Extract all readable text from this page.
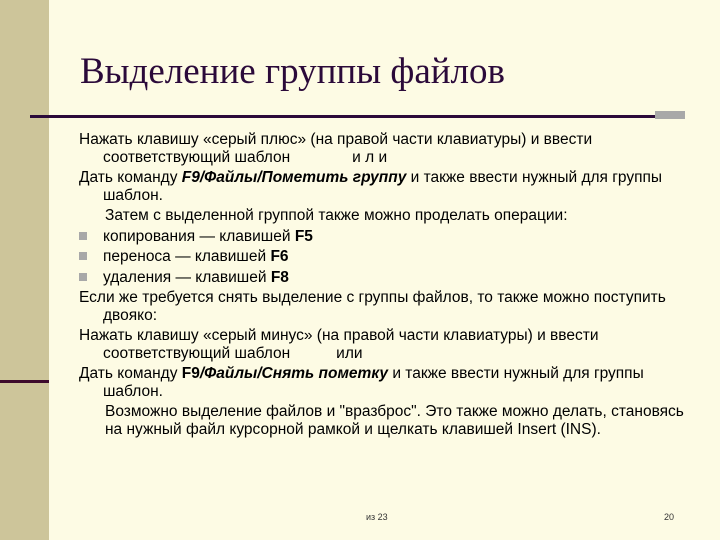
Выделение группы файлов

Нажать клавишу «серый плюс» (на правой части клавиатуры) и ввести соответствующий шаблон	и л и

Дать команду F9/Файлы/Пометить группу и также ввести нужный для группы шаблон.

Затем с выделенной группой также можно проделать операции:

копирования — клавишей F5
переноса — клавишей F6
удаления — клавишей F8

Если же требуется снять выделение с группы файлов, то также можно поступить двояко:

Нажать клавишу «серый минус» (на правой части клавиатуры) и ввести соответствующий шаблон	или

Дать команду F9/Файлы/Снять пометку и также ввести нужный для группы шаблон.

Возможно выделение файлов и "вразброс". Это также можно делать, становясь на нужный файл курсорной рамкой и щелкать клавишей Insert (INS).

из 23	20
